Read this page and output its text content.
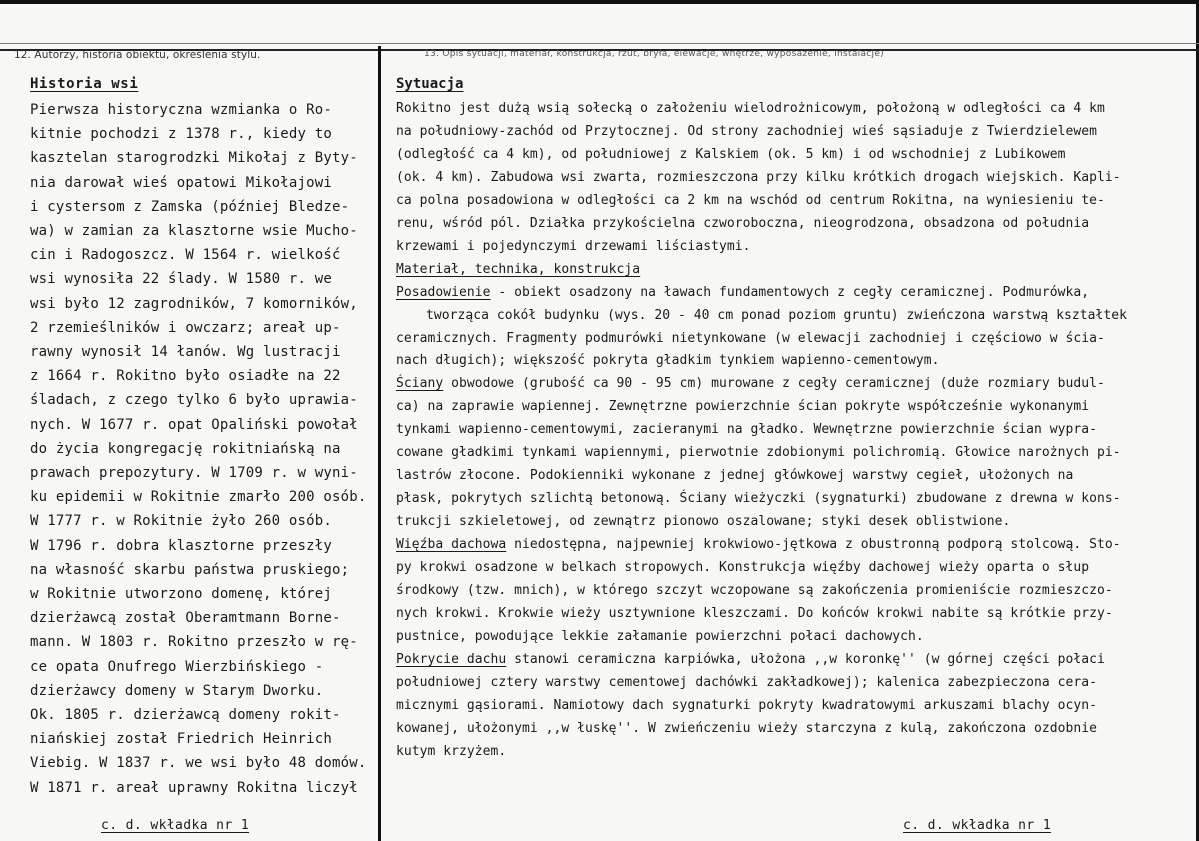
12. Autorzy, historia obiektu, określenia stylu.	13. Opis sytuacji, materiał, konstrukcja, rzut, bryła, elewacje, wnętrze, wyposażenie, instalacje)
Historia wsi
Pierwsza historyczna wzmianka o Ro-
kitnie pochodzi z 1378 r., kiedy to
kasztelan starogrodzki Mikołaj z Byty-
nia darował wieś opatowi Mikołajowi
i cystersom z Zamska (później Bledze-
wa) w zamian za klasztorne wsie Mucho-
cin i Radogoszcz. W 1564 r. wielkość
wsi wynosiła 22 ślady. W 1580 r. we
wsi było 12 zagrodników, 7 komorników,
2 rzemieślników i owczarz; areał up-
rawny wynosił 14 łanów. Wg lustracji
z 1664 r. Rokitno było osiadłe na 22
śladach, z czego tylko 6 było uprawia-
nych. W 1677 r. opat Opaliński powołał
do życia kongregację rokitniańską na
prawach prepozytury. W 1709 r. w wyni-
ku epidemii w Rokitnie zmarło 200 osób.
W 1777 r. w Rokitnie żyło 260 osób.
W 1796 r. dobra klasztorne przeszły
na własność skarbu państwa pruskiego;
w Rokitnie utworzono domenę, której
dzierżawcą został Oberamtmann Borne-
mann. W 1803 r. Rokitno przeszło w rę-
ce opata Onufrego Wierzbińskiego -
dzierżawcy domeny w Starym Dworku.
Ok. 1805 r. dzierżawcą domeny rokit-
niańskiej został Friedrich Heinrich
Viebig. W 1837 r. we wsi było 48 domów.
W 1871 r. areał uprawny Rokitna liczył
c. d. wkładka nr 1
Sytuacja
Rokitno jest dużą wsią sołecką o założeniu wielodrożnicowym, położoną w odległości ca 4 km
na południowy-zachód od Przytocznej. Od strony zachodniej wieś sąsiaduje z Twierdzielewem
(odległość ca 4 km), od południowej z Kalskiem (ok. 5 km) i od wschodniej z Lubikowem
(ok. 4 km). Zabudowa wsi zwarta, rozmieszczona przy kilku krótkich drogach wiejskich. Kapli-
ca polna posadowiona w odległości ca 2 km na wschód od centrum Rokitna, na wyniesieniu te-
renu, wśród pól. Działka przykościelna czworoboczna, nieogrodzona, obsadzona od południa
krzewami i pojedynczymi drzewami liściastymi.
Materiał, technika, konstrukcja
Posadowienie - obiekt osadzony na ławach fundamentowych z cegły ceramicznej. Podmurówka,
tworząca cokół budynku (wys. 20 - 40 cm ponad poziom gruntu) zwieńczona warstwą kształtek
ceramicznych. Fragmenty podmurówki nietynkowane (w elewacji zachodniej i częściowo w ścia-
nach długich); większość pokryta gładkim tynkiem wapienno-cementowym.
Ściany obwodowe (grubość ca 90 - 95 cm) murowane z cegły ceramicznej (duże rozmiary budul-
ca) na zaprawie wapiennej. Zewnętrzne powierzchnie ścian pokryte współcześnie wykonanymi
tynkami wapienno-cementowymi, zacieranymi na gładko. Wewnętrzne powierzchnie ścian wypra-
cowane gładkimi tynkami wapiennymi, pierwotnie zdobionymi polichromią. Głowice narożnych pi-
lastrów złocone. Podokienniki wykonane z jednej główkowej warstwy cegieł, ułożonych na
płask, pokrytych szlichtą betonową. Ściany wieżyczki (sygnaturki) zbudowane z drewna w kons-
trukcji szkieletowej, od zewnątrz pionowo oszalowane; styki desek oblistwione.
Więźba dachowa niedostępna, najpewniej krokwiowo-jętkowa z obustronną podporą stolcową. Sto-
py krokwi osadzone w belkach stropowych. Konstrukcja więźby dachowej wieży oparta o słup
środkowy (tzw. mnich), w którego szczyt wczopowane są zakończenia promieniście rozmieszczo-
nych krokwi. Krokwie wieży usztywnione kleszczami. Do końców krokwi nabite są krótkie przy-
pustnice, powodujące lekkie załamanie powierzchni połaci dachowych.
Pokrycie dachu stanowi ceramiczna karpiówka, ułożona ,,w koronkę'' (w górnej części połaci
południowej cztery warstwy cementowej dachówki zakładkowej); kalenica zabezpieczona cera-
micznymi gąsiorami. Namiotowy dach sygnaturki pokryty kwadratowymi arkuszami blachy ocyn-
kowanej, ułożonymi ,,w łuskę''. W zwieńczeniu wieży starczyna z kulą, zakończona ozdobnie
kutym krzyżem.
c. d. wkładka nr 1
